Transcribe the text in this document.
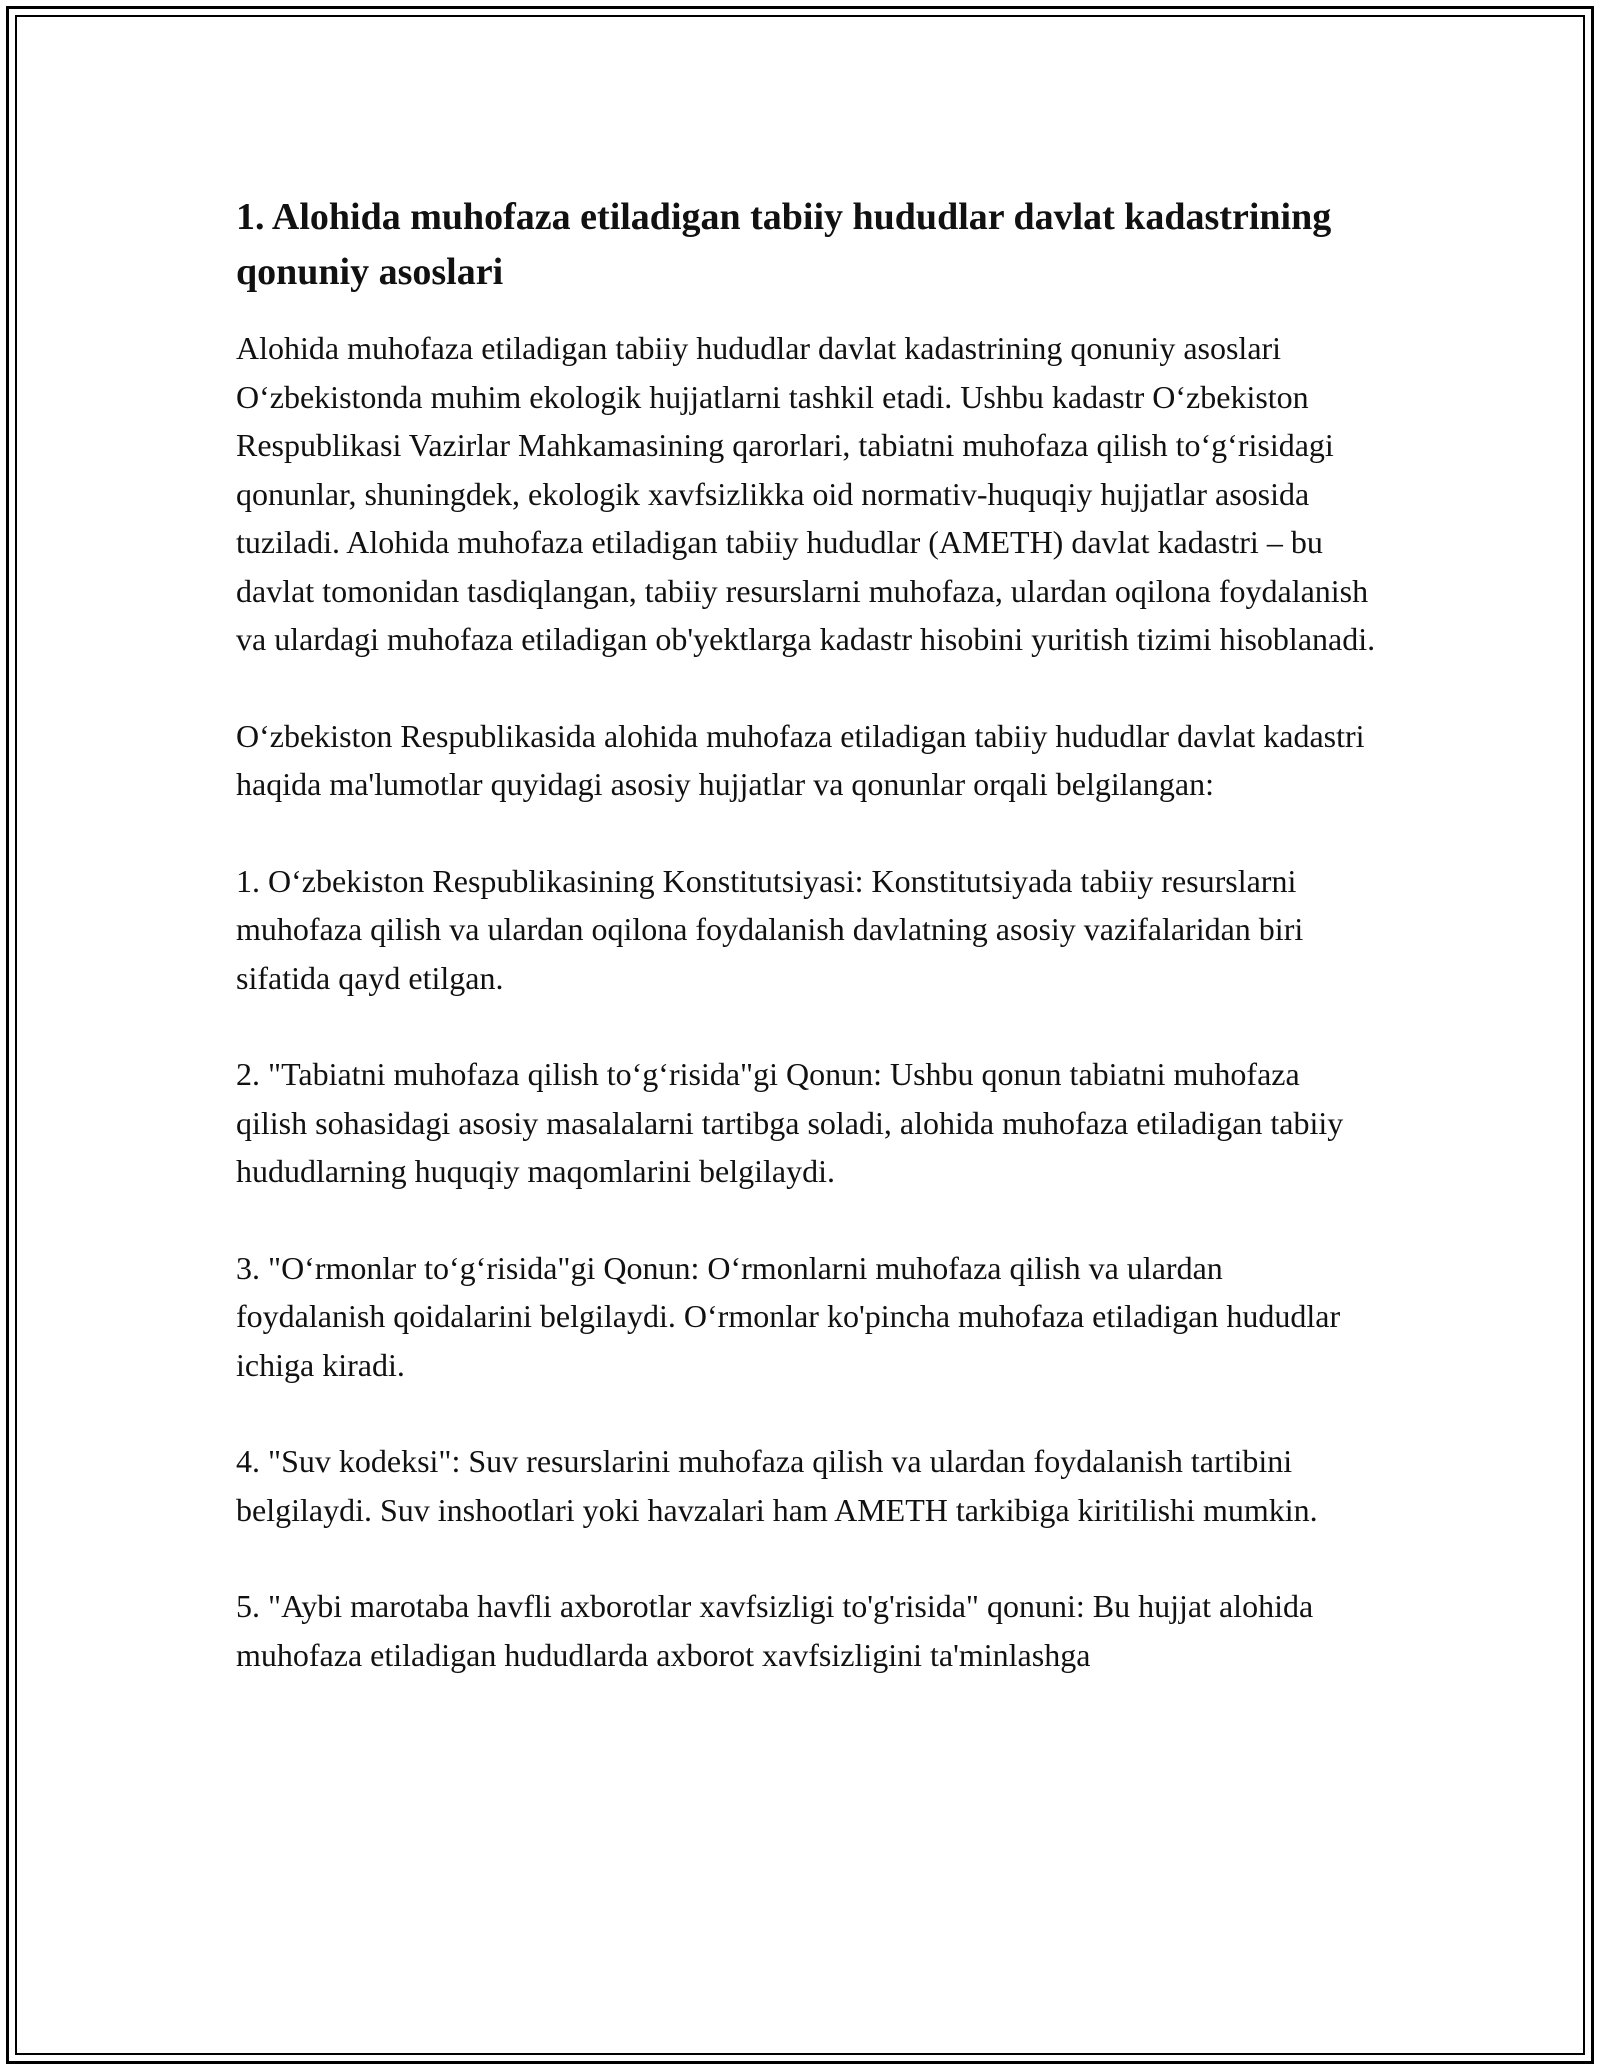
1. Alohida muhofaza etiladigan tabiiy hududlar davlat kadastrining qonuniy asoslari

Alohida muhofaza etiladigan tabiiy hududlar davlat kadastrining qonuniy asoslari O‘zbekistonda muhim ekologik hujjatlarni tashkil etadi. Ushbu kadastr O‘zbekiston Respublikasi Vazirlar Mahkamasining qarorlari, tabiatni muhofaza qilish to‘g‘risidagi qonunlar, shuningdek, ekologik xavfsizlikka oid normativ-huquqiy hujjatlar asosida tuziladi. Alohida muhofaza etiladigan tabiiy hududlar (AMETH) davlat kadastri – bu davlat tomonidan tasdiqlangan, tabiiy resurslarni muhofaza, ulardan oqilona foydalanish va ulardagi muhofaza etiladigan ob'yektlarga kadastr hisobini yuritish tizimi hisoblanadi.

O‘zbekiston Respublikasida alohida muhofaza etiladigan tabiiy hududlar davlat kadastri haqida ma'lumotlar quyidagi asosiy hujjatlar va qonunlar orqali belgilangan:

1. O‘zbekiston Respublikasining Konstitutsiyasi: Konstitutsiyada tabiiy resurslarni muhofaza qilish va ulardan oqilona foydalanish davlatning asosiy vazifalaridan biri sifatida qayd etilgan.

2. "Tabiatni muhofaza qilish to‘g‘risida"gi Qonun: Ushbu qonun tabiatni muhofaza qilish sohasidagi asosiy masalalarni tartibga soladi, alohida muhofaza etiladigan tabiiy hududlarning huquqiy maqomlarini belgilaydi.

3. "O‘rmonlar to‘g‘risida"gi Qonun: O‘rmonlarni muhofaza qilish va ulardan foydalanish qoidalarini belgilaydi. O‘rmonlar ko'pincha muhofaza etiladigan hududlar ichiga kiradi.

4. "Suv kodeksi": Suv resurslarini muhofaza qilish va ulardan foydalanish tartibini belgilaydi. Suv inshootlari yoki havzalari ham AMETH tarkibiga kiritilishi mumkin.

5. "Aybi marotaba havfli axborotlar xavfsizligi to'g'risida" qonuni: Bu hujjat alohida muhofaza etiladigan hududlarda axborot xavfsizligini ta'minlashga
